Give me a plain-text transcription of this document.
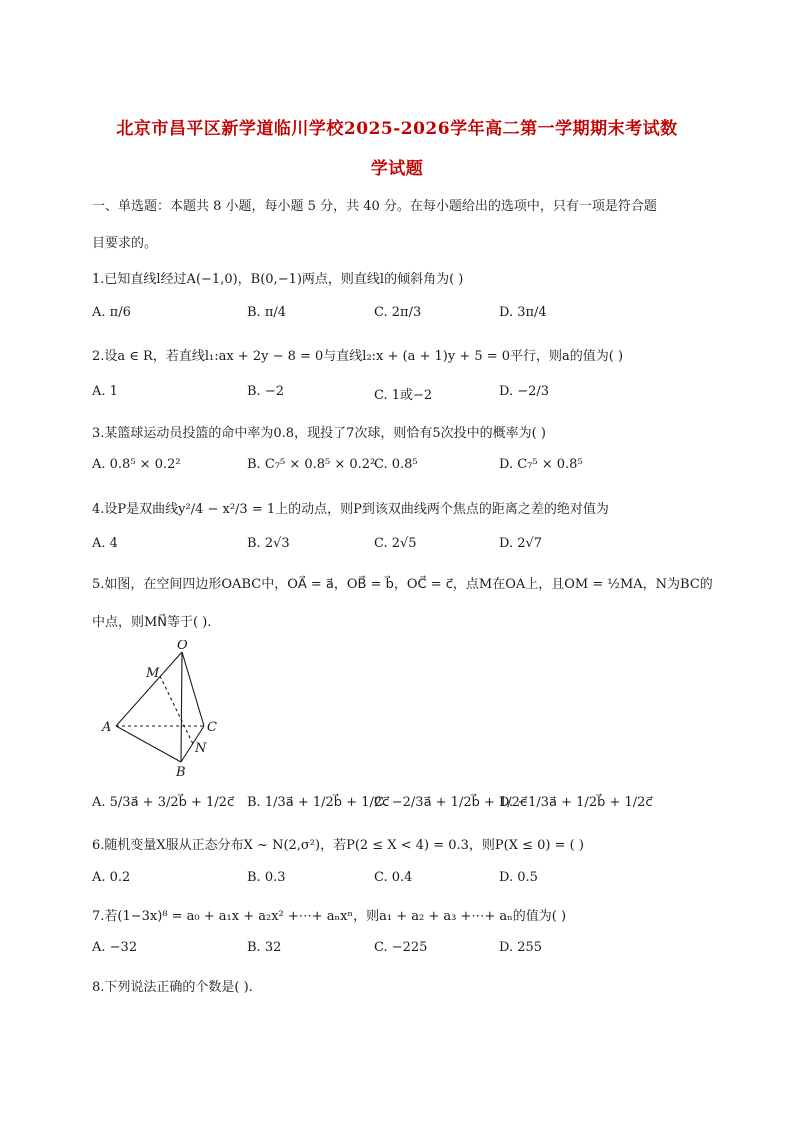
北京市昌平区新学道临川学校2025-2026学年高二第一学期期末考试数
学试题
一、单选题：本题共 8 小题，每小题 5 分，共 40 分。在每小题给出的选项中，只有一项是符合题
目要求的。
1.已知直线l经过A(−1,0)，B(0,−1)两点，则直线l的倾斜角为( )
A. π/6	B. π/4	C. 2π/3	D. 3π/4
2.设a ∈ R，若直线l₁:ax + 2y − 8 = 0与直线l₂:x + (a + 1)y + 5 = 0平行，则a的值为( )
A. 1	B. −2	C. 1或−2	D. −2/3
3.某篮球运动员投篮的命中率为0.8，现投了7次球，则恰有5次投中的概率为( )
A. 0.8⁵ × 0.2²	B. C₇⁵ × 0.8⁵ × 0.2²
C. 0.8⁵	D. C₇⁵ × 0.8⁵
4.设P是双曲线y²/4 − x²/3 = 1上的动点，则P到该双曲线两个焦点的距离之差的绝对值为
A. 4	B. 2√3	C. 2√5	D. 2√7
5.如图，在空间四边形OABC中，OA⃗ = a⃗，OB⃗ = b⃗，OC⃗ = c⃗，点M在OA上，且OM = ½MA，N为BC的
中点，则MN⃗等于( ).
O
M
A	C
N
B
A. 5/3a⃗ + 3/2b⃗ + 1/2c⃗ B. 1/3a⃗ + 1/2b⃗ + 1/2c⃗
C. −2/3a⃗ + 1/2b⃗ + 1/2c⃗
D. −1/3a⃗ + 1/2b⃗ + 1/2c⃗
6.随机变量X服从正态分布X ~ N(2,σ²)，若P(2 ≤ X < 4) = 0.3，则P(X ≤ 0) = ( )
A. 0.2	B. 0.3	C. 0.4	D. 0.5
7.若(1−3x)⁸ = a₀ + a₁x + a₂x² +⋯+ aₙxⁿ，则a₁ + a₂ + a₃ +⋯+ aₙ的值为( )
A. −32	B. 32	C. −225	D. 255
8.下列说法正确的个数是( ).
